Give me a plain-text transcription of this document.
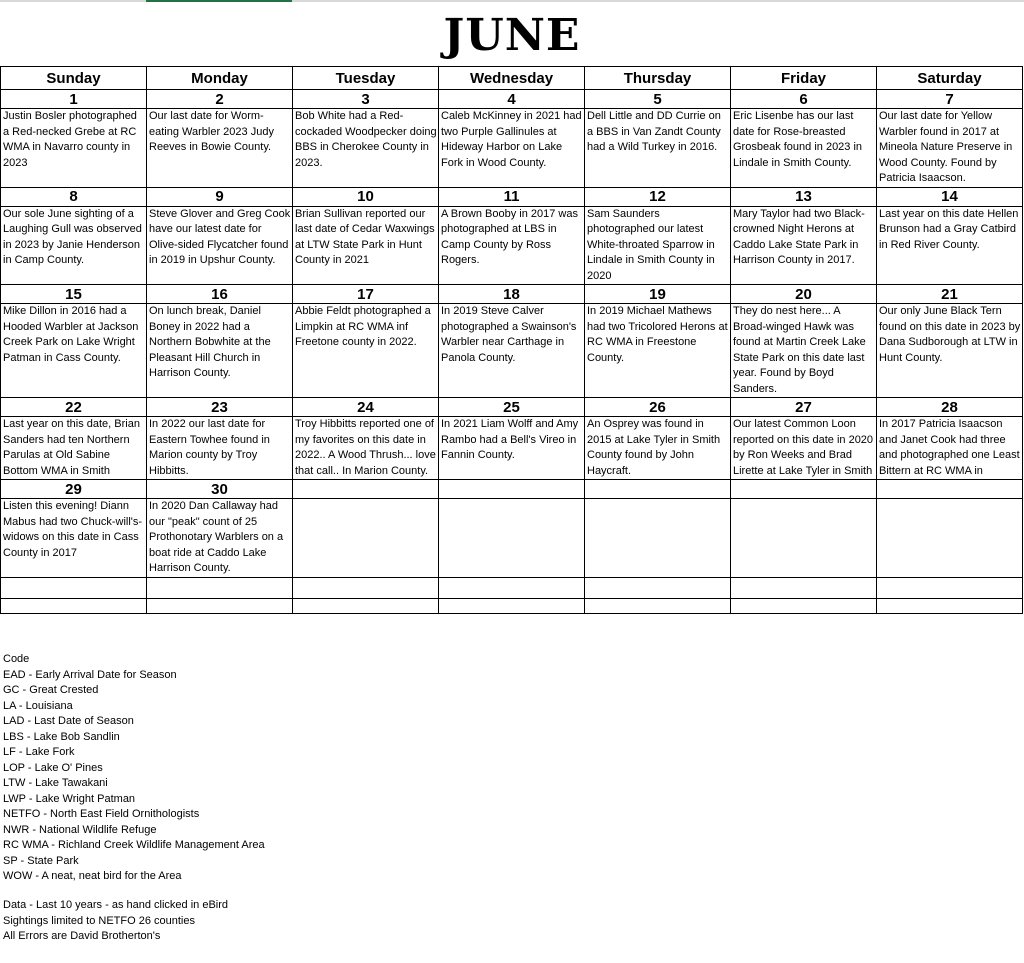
JUNE
Sunday	Monday	Tuesday	Wednesday	Thursday	Friday	Saturday
1	2	3	4	5	6	7
Justin Bosler photographed a Red-necked Grebe at RC WMA in Navarro county in 2023	Our last date for Worm-eating Warbler 2023 Judy Reeves in Bowie County.	Bob White had a Red-cockaded Woodpecker doing BBS in Cherokee County in 2023.	Caleb McKinney in 2021 had two Purple Gallinules at Hideway Harbor on Lake Fork in Wood County.	Dell Little and DD Currie on a BBS in Van Zandt County had a Wild Turkey in 2016.	Eric Lisenbe has our last date for Rose-breasted Grosbeak found in 2023 in Lindale in Smith County.	Our last date for Yellow Warbler found in 2017 at Mineola Nature Preserve in Wood County. Found by Patricia Isaacson.
8	9	10	11	12	13	14
Our sole June sighting of a Laughing Gull was observed in 2023 by Janie Henderson in Camp County.	Steve Glover and Greg Cook have our latest date for Olive-sided Flycatcher found in 2019 in Upshur County.	Brian Sullivan reported our last date of Cedar Waxwings at LTW State Park in Hunt County in 2021	A Brown Booby in 2017 was photographed at LBS in Camp County by Ross Rogers.	Sam Saunders photographed our latest White-throated Sparrow in Lindale in Smith County in 2020	Mary Taylor had two Black-crowned Night Herons at Caddo Lake State Park in Harrison County in 2017.	Last year on this date Hellen Brunson had a Gray Catbird in Red River County.
15	16	17	18	19	20	21
Mike Dillon in 2016 had a Hooded Warbler at Jackson Creek Park on Lake Wright Patman in Cass County.	On lunch break, Daniel Boney in 2022 had a Northern Bobwhite at the Pleasant Hill Church in Harrison County.	Abbie Feldt photographed a Limpkin at RC WMA inf Freetone county in 2022.	In 2019 Steve Calver photographed a Swainson's Warbler near Carthage in Panola County.	In 2019 Michael Mathews had two Tricolored Herons at RC WMA in Freestone County.	They do nest here... A Broad-winged Hawk was found at Martin Creek Lake State Park on this date last year. Found by Boyd Sanders.	Our only June Black Tern found on this date in 2023 by Dana Sudborough at LTW in Hunt County.
22	23	24	25	26	27	28
Last year on this date, Brian Sanders had ten Northern Parulas at Old Sabine Bottom WMA in Smith	In 2022 our last date for Eastern Towhee found in Marion county by Troy Hibbitts.	Troy Hibbitts reported one of my favorites on this date in 2022.. A Wood Thrush... love that call.. In Marion County.	In 2021 Liam Wolff and Amy Rambo had a Bell's Vireo in Fannin County.	An Osprey was found in 2015 at Lake Tyler in Smith County found by John Haycraft.	Our latest Common Loon reported on this date in 2020 by Ron Weeks and Brad Lirette at Lake Tyler in Smith	In 2017 Patricia Isaacson and Janet Cook had three and photographed one Least Bittern at RC WMA in
29	30					
Listen this evening! Diann Mabus had two Chuck-will's-widows on this date in Cass County in 2017	In 2020 Dan Callaway had our "peak" count of 25 Prothonotary Warblers on a boat ride at Caddo Lake Harrison County.					

Code
EAD - Early Arrival Date for Season
GC - Great Crested
LA - Louisiana
LAD - Last Date of Season
LBS - Lake Bob Sandlin
LF - Lake Fork
LOP - Lake O' Pines
LTW - Lake Tawakani
LWP - Lake Wright Patman
NETFO - North East Field Ornithologists
NWR - National Wildlife Refuge
RC WMA - Richland Creek Wildlife Management Area
SP - State Park
WOW - A neat, neat bird for the Area
Data - Last 10 years - as hand clicked in eBird
Sightings limited to NETFO 26 counties
All Errors are David Brotherton's
